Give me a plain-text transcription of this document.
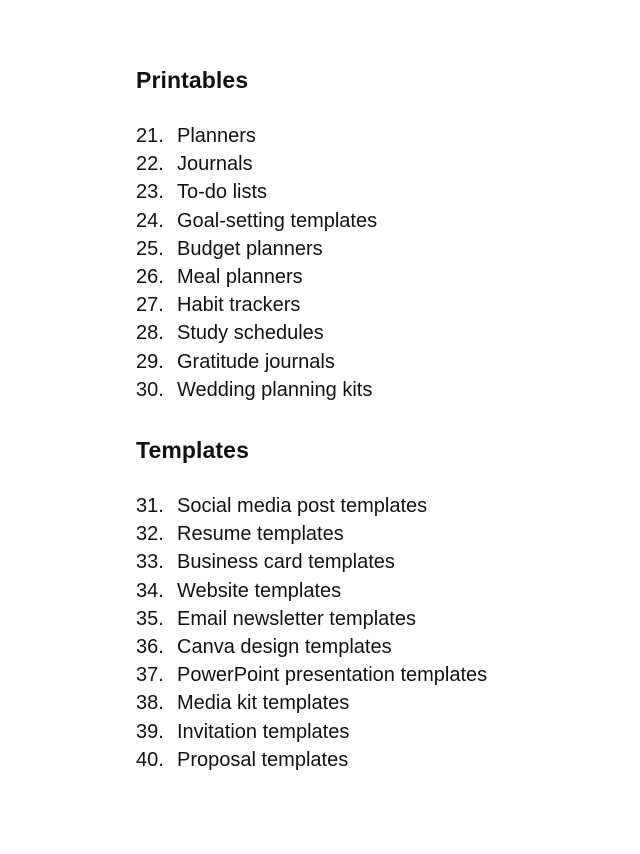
Printables
21. Planners
22. Journals
23. To-do lists
24. Goal-setting templates
25. Budget planners
26. Meal planners
27. Habit trackers
28. Study schedules
29. Gratitude journals
30. Wedding planning kits
Templates
31. Social media post templates
32. Resume templates
33. Business card templates
34. Website templates
35. Email newsletter templates
36. Canva design templates
37. PowerPoint presentation templates
38. Media kit templates
39. Invitation templates
40. Proposal templates
